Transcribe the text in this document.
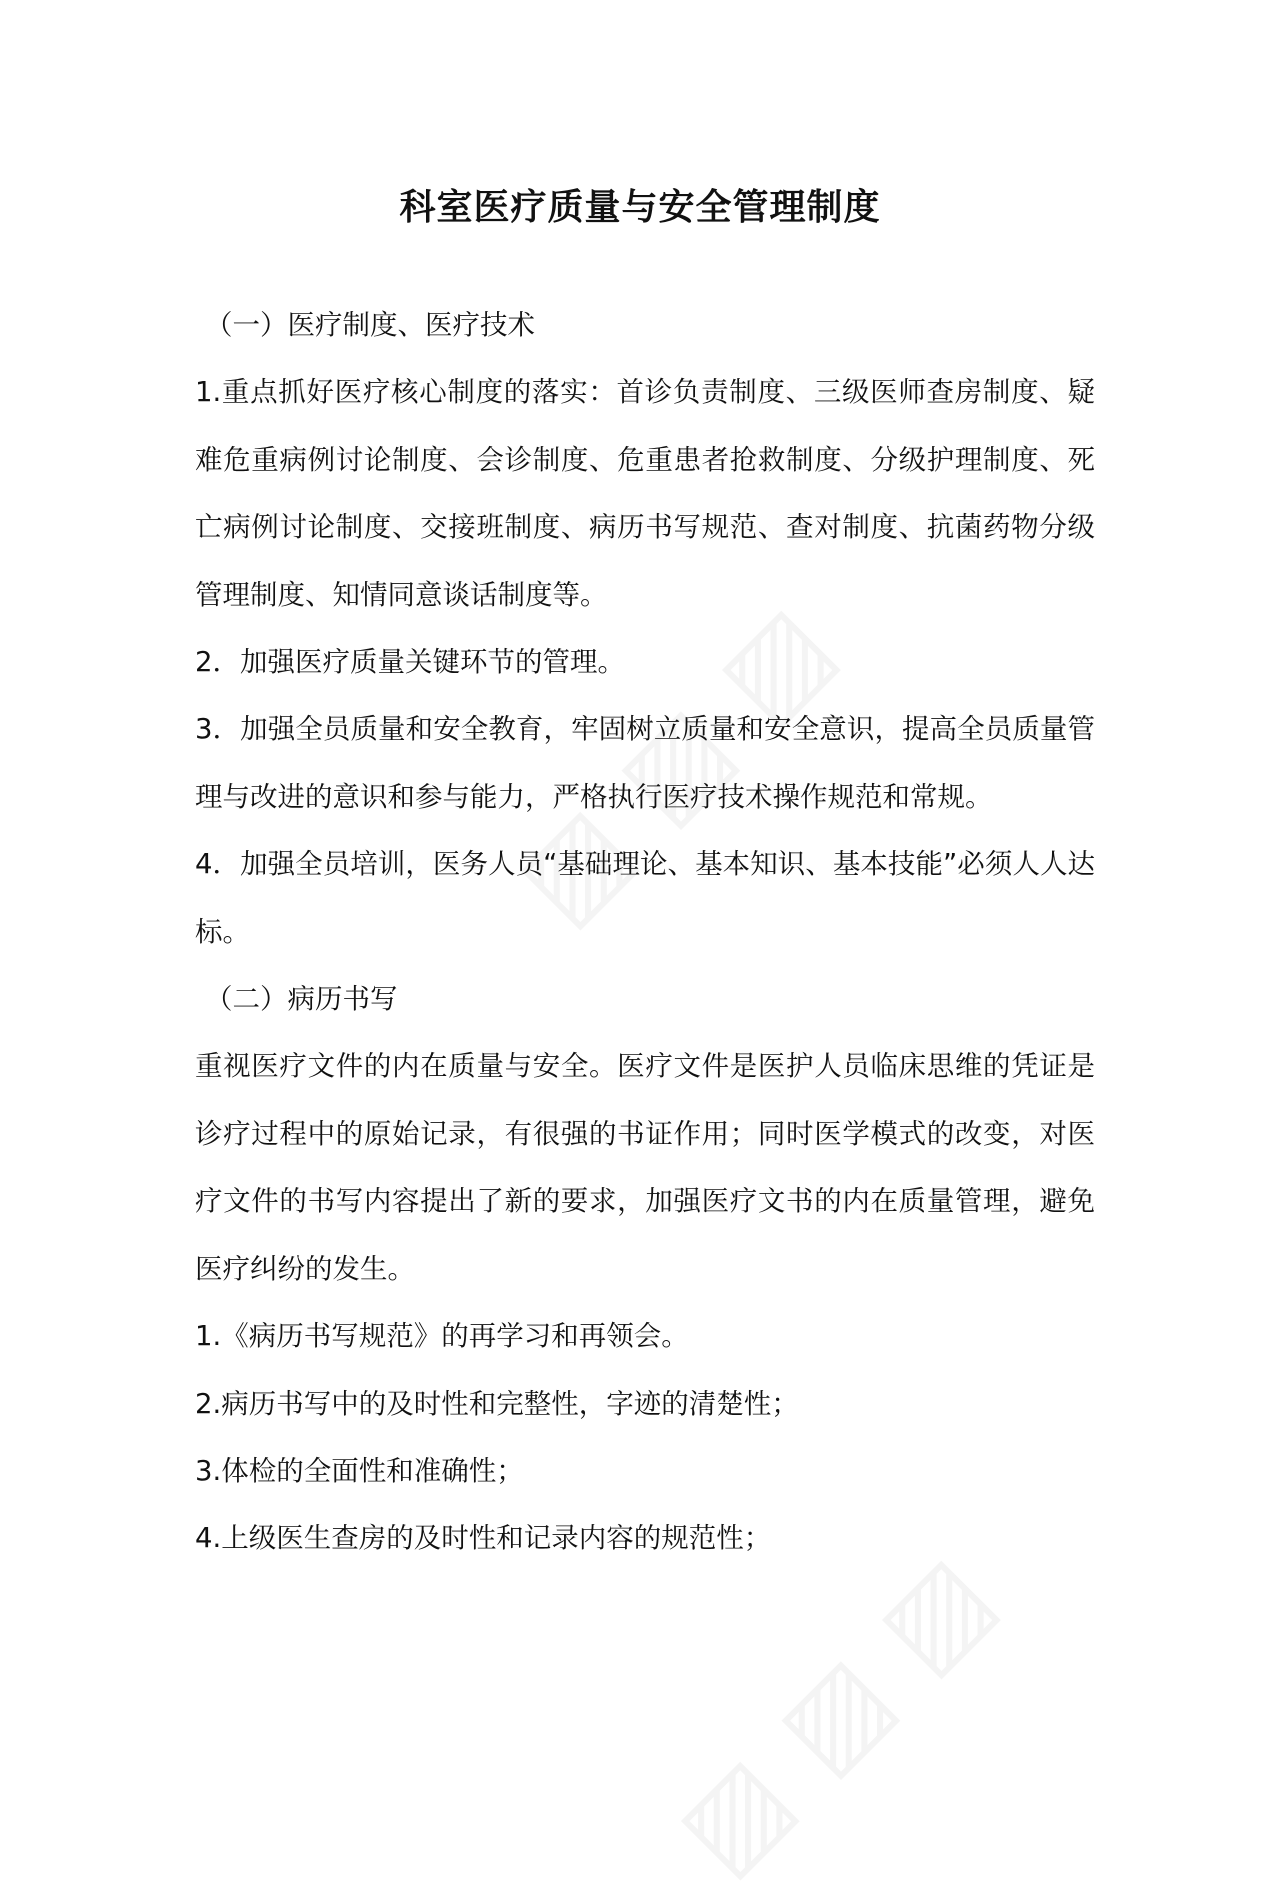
科室医疗质量与安全管理制度

（一）医疗制度、医疗技术

1.重点抓好医疗核心制度的落实：首诊负责制度、三级医师查房制度、疑难危重病例讨论制度、会诊制度、危重患者抢救制度、分级护理制度、死亡病例讨论制度、交接班制度、病历书写规范、查对制度、抗菌药物分级管理制度、知情同意谈话制度等。

2．加强医疗质量关键环节的管理。

3．加强全员质量和安全教育，牢固树立质量和安全意识，提高全员质量管理与改进的意识和参与能力，严格执行医疗技术操作规范和常规。

4．加强全员培训，医务人员“基础理论、基本知识、基本技能”必须人人达标。

（二）病历书写

重视医疗文件的内在质量与安全。医疗文件是医护人员临床思维的凭证是诊疗过程中的原始记录，有很强的书证作用；同时医学模式的改变，对医疗文件的书写内容提出了新的要求，加强医疗文书的内在质量管理，避免医疗纠纷的发生。

1.《病历书写规范》的再学习和再领会。

2.病历书写中的及时性和完整性，字迹的清楚性；

3.体检的全面性和准确性；

4.上级医生查房的及时性和记录内容的规范性；
